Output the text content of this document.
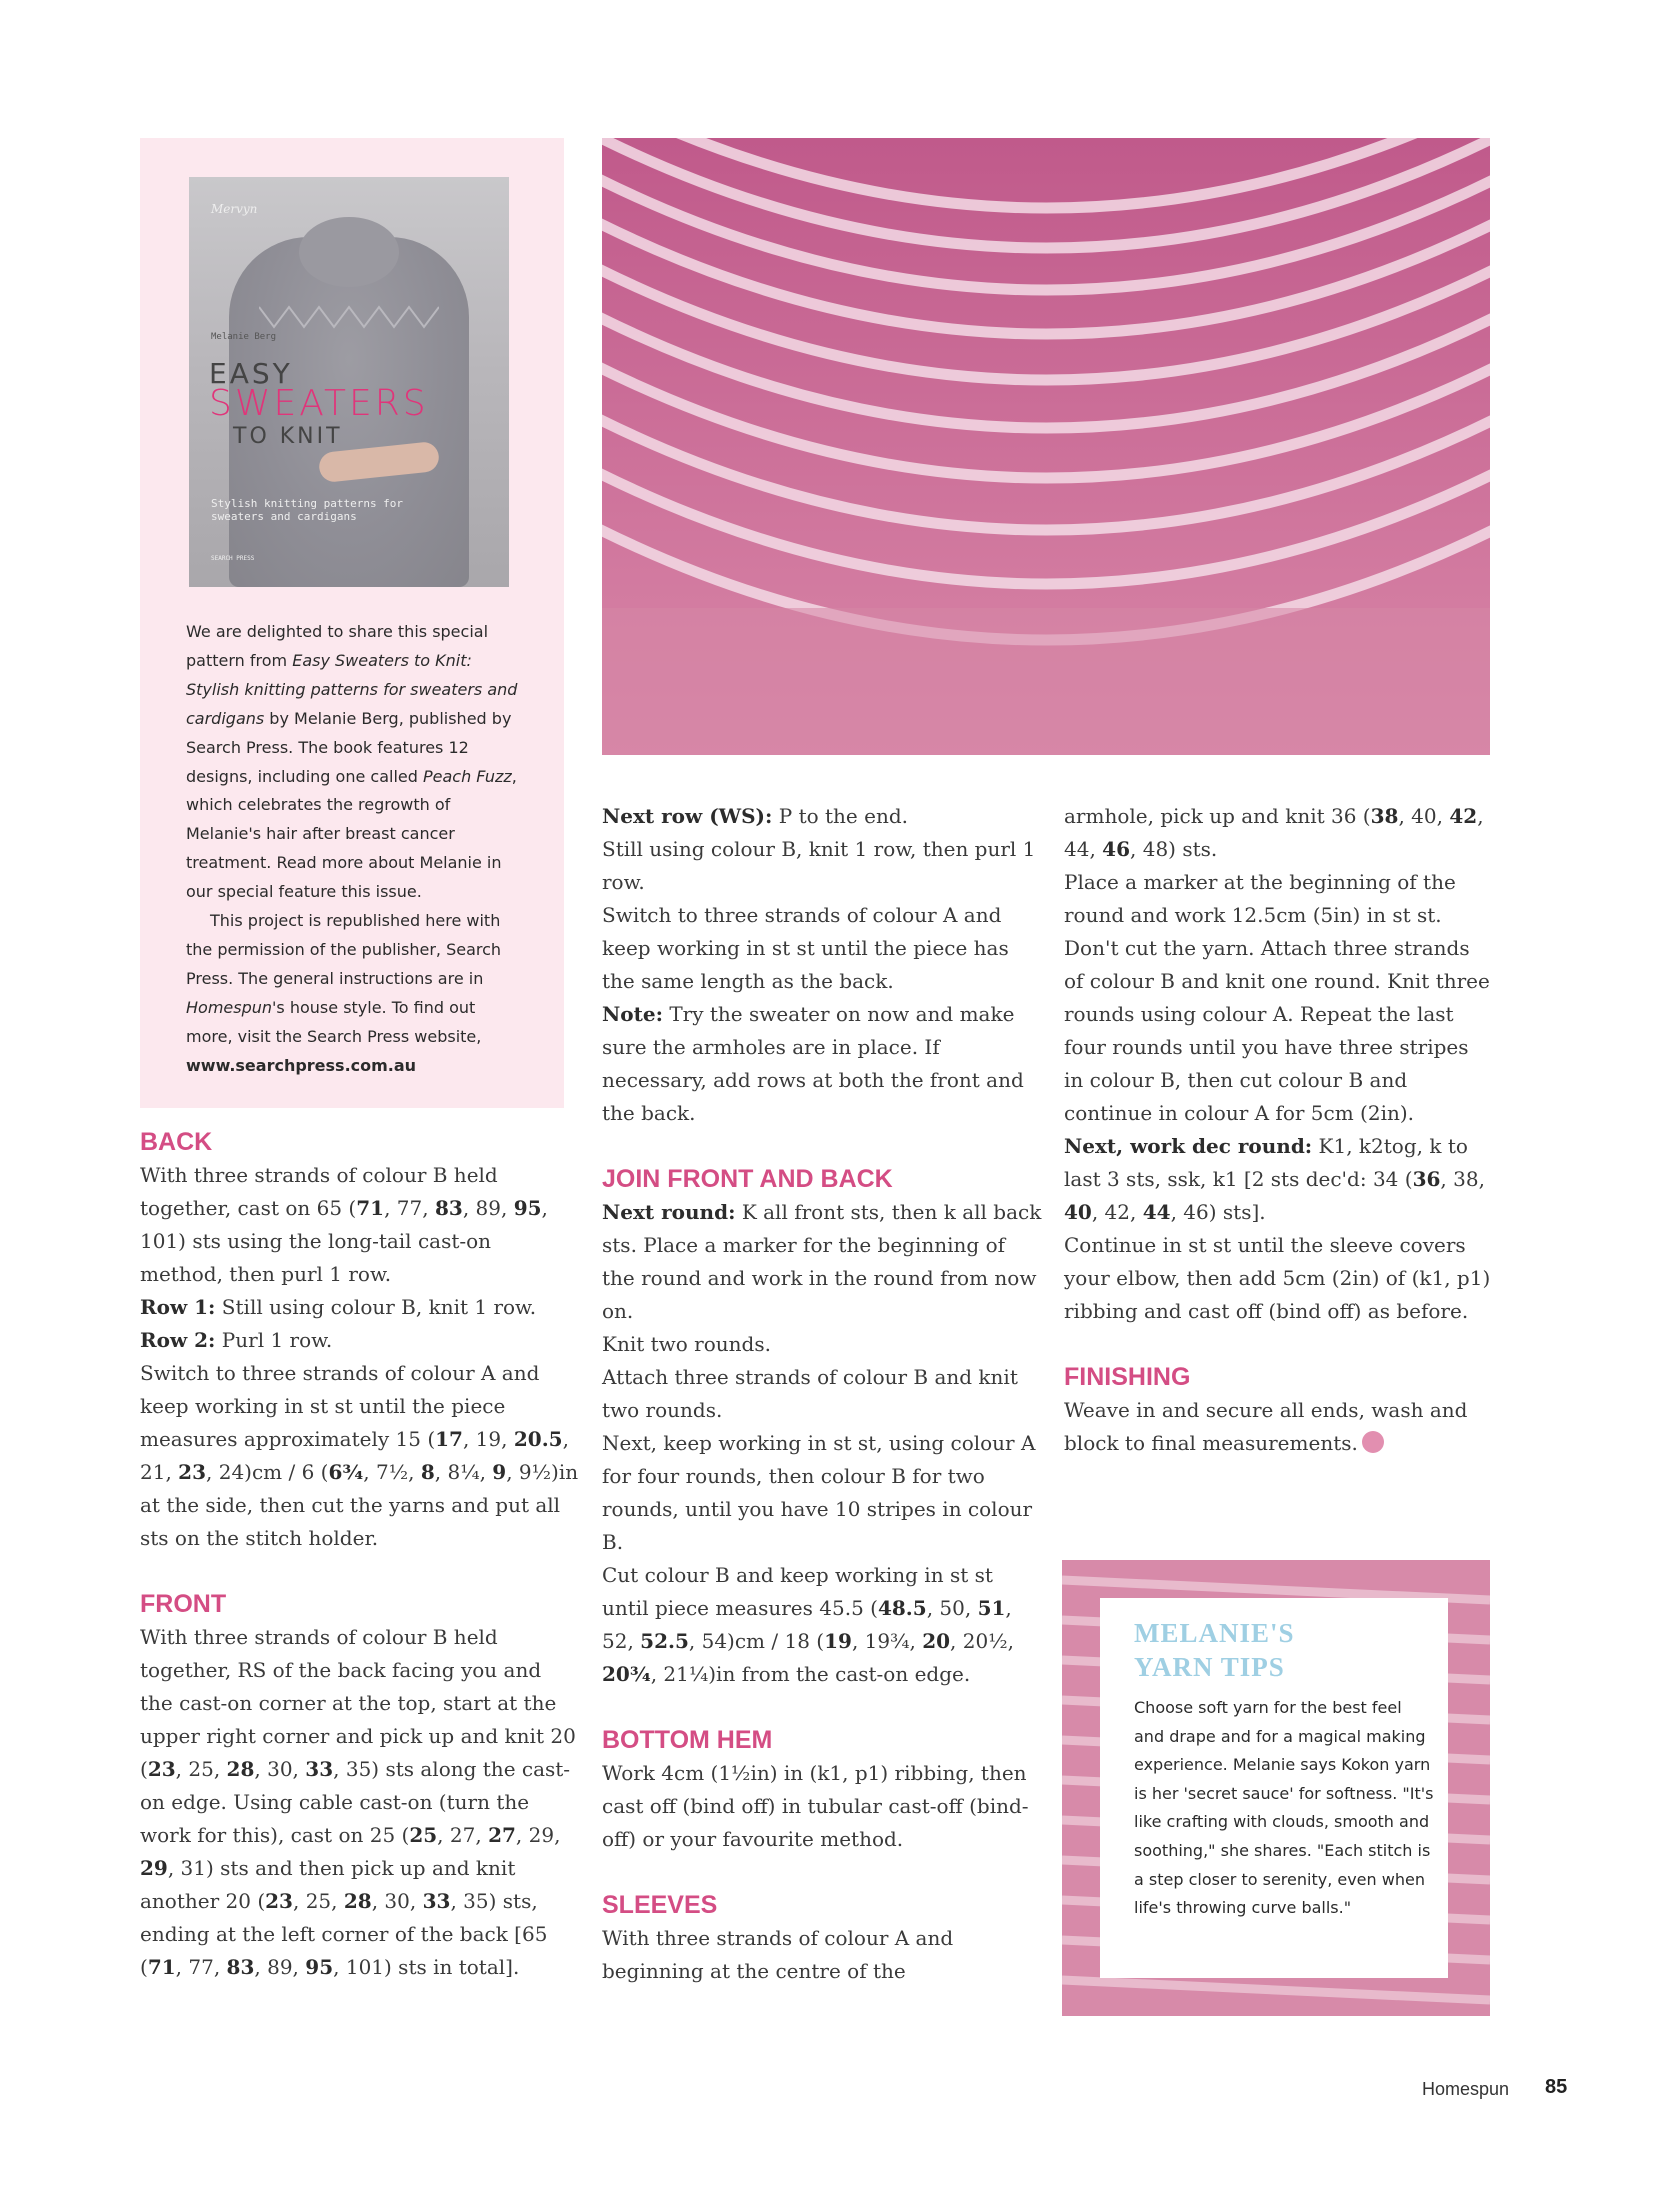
Mervyn
Melanie Berg
EASY
SWEATERS
TO KNIT
Stylish knitting patterns for sweaters and cardigans
SEARCH PRESS

We are delighted to share this special pattern from Easy Sweaters to Knit: Stylish knitting patterns for sweaters and cardigans by Melanie Berg, published by Search Press. The book features 12 designs, including one called Peach Fuzz, which celebrates the regrowth of Melanie's hair after breast cancer treatment. Read more about Melanie in our special feature this issue.

This project is republished here with the permission of the publisher, Search Press. The general instructions are in Homespun's house style. To find out more, visit the Search Press website,

www.searchpress.com.au

BACK

With three strands of colour B held together, cast on 65 (71, 77, 83, 89, 95, 101) sts using the long-tail cast-on method, then purl 1 row.

Row 1: Still using colour B, knit 1 row.

Row 2: Purl 1 row.

Switch to three strands of colour A and keep working in st st until the piece measures approximately 15 (17, 19, 20.5, 21, 23, 24)cm / 6 (6¾, 7½, 8, 8¼, 9, 9½)in at the side, then cut the yarns and put all sts on the stitch holder.

FRONT

With three strands of colour B held together, RS of the back facing you and the cast-on corner at the top, start at the upper right corner and pick up and knit 20 (23, 25, 28, 30, 33, 35) sts along the cast-on edge. Using cable cast-on (turn the work for this), cast on 25 (25, 27, 27, 29, 29, 31) sts and then pick up and knit another 20 (23, 25, 28, 30, 33, 35) sts, ending at the left corner of the back [65 (71, 77, 83, 89, 95, 101) sts in total].

Next row (WS): P to the end.

Still using colour B, knit 1 row, then purl 1 row.

Switch to three strands of colour A and keep working in st st until the piece has the same length as the back.

Note: Try the sweater on now and make sure the armholes are in place. If necessary, add rows at both the front and the back.

JOIN FRONT AND BACK

Next round: K all front sts, then k all back sts. Place a marker for the beginning of the round and work in the round from now on.

Knit two rounds.

Attach three strands of colour B and knit two rounds.

Next, keep working in st st, using colour A for four rounds, then colour B for two rounds, until you have 10 stripes in colour B.

Cut colour B and keep working in st st until piece measures 45.5 (48.5, 50, 51, 52, 52.5, 54)cm / 18 (19, 19¾, 20, 20½, 20¾, 21¼)in from the cast-on edge.

BOTTOM HEM

Work 4cm (1½in) in (k1, p1) ribbing, then cast off (bind off) in tubular cast-off (bind-off) or your favourite method.

SLEEVES

With three strands of colour A and beginning at the centre of the

armhole, pick up and knit 36 (38, 40, 42, 44, 46, 48) sts.

Place a marker at the beginning of the round and work 12.5cm (5in) in st st. Don't cut the yarn. Attach three strands of colour B and knit one round. Knit three rounds using colour A. Repeat the last four rounds until you have three stripes in colour B, then cut colour B and continue in colour A for 5cm (2in).

Next, work dec round: K1, k2tog, k to last 3 sts, ssk, k1 [2 sts dec'd: 34 (36, 38, 40, 42, 44, 46) sts].

Continue in st st until the sleeve covers your elbow, then add 5cm (2in) of (k1, p1) ribbing and cast off (bind off) as before.

FINISHING

Weave in and secure all ends, wash and block to final measurements.

MELANIE'S
YARN TIPS
Choose soft yarn for the best feel and drape and for a magical making experience. Melanie says Kokon yarn is her 'secret sauce' for softness. "It's like crafting with clouds, smooth and soothing," she shares. "Each stitch is a step closer to serenity, even when life's throwing curve balls."
Homespun 85
